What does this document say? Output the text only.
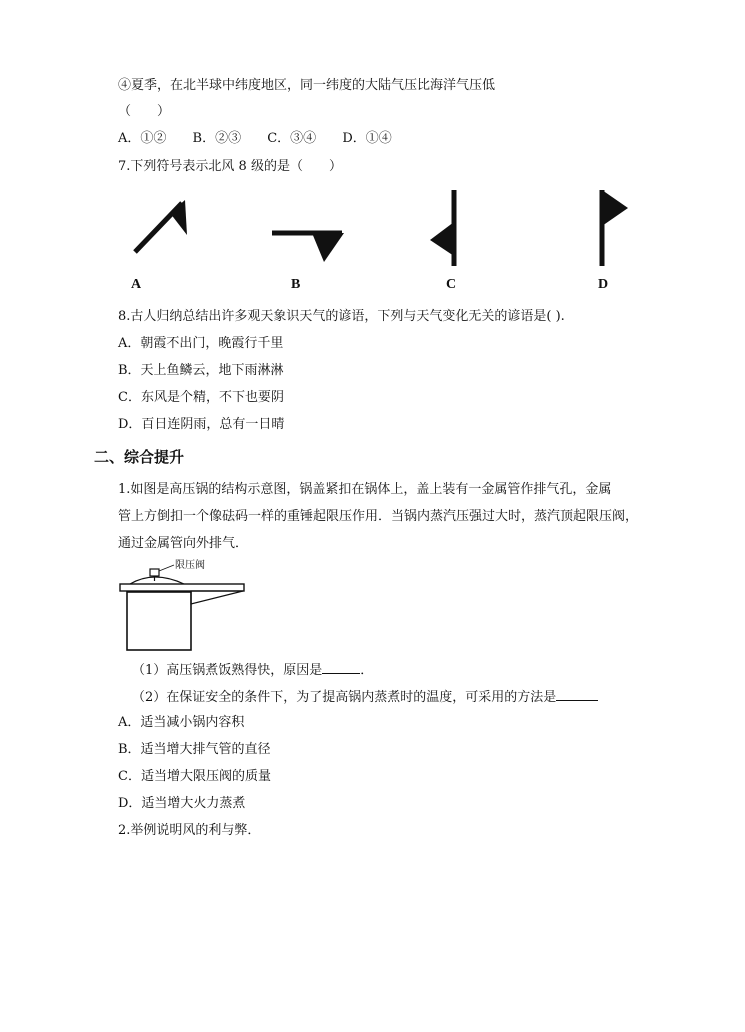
④夏季，在北半球中纬度地区，同一纬度的大陆气压比海洋气压低
（　　）
A．①② B．②③ C．③④ D．①④
7.下列符号表示北风 8 级的是（　　）
A	B	C	D
8.古人归纳总结出许多观天象识天气的谚语，下列与天气变化无关的谚语是( ).
A．朝霞不出门，晚霞行千里
B．天上鱼鳞云，地下雨淋淋
C．东风是个精，不下也要阴
D．百日连阴雨，总有一日晴
二、综合提升
1.如图是高压锅的结构示意图，锅盖紧扣在锅体上，盖上装有一金属管作排气孔，金属
管上方倒扣一个像砝码一样的重锤起限压作用．当锅内蒸汽压强过大时，蒸汽顶起限压阀，
通过金属管向外排气．
限压阀
（1）高压锅煮饭熟得快，原因是	．
（2）在保证安全的条件下，为了提高锅内蒸煮时的温度，可采用的方法是
A．适当减小锅内容积
B．适当增大排气管的直径
C．适当增大限压阀的质量
D．适当增大火力蒸煮
2.举例说明风的利与弊．
